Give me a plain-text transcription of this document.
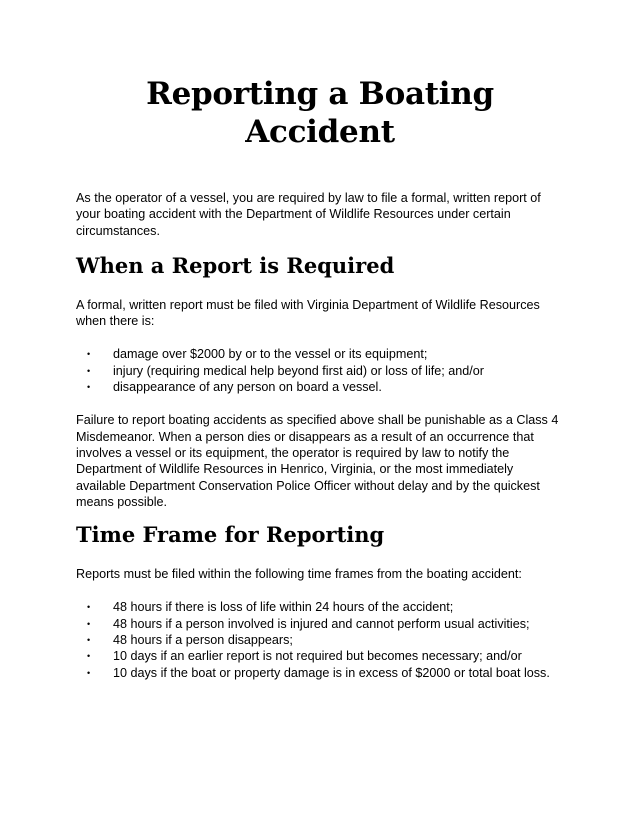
Reporting a Boating Accident

As the operator of a vessel, you are required by law to file a formal, written report of your boating accident with the Department of Wildlife Resources under certain circumstances.

When a Report is Required

A formal, written report must be filed with Virginia Department of Wildlife Resources when there is:

• damage over $2000 by or to the vessel or its equipment;
• injury (requiring medical help beyond first aid) or loss of life; and/or
• disappearance of any person on board a vessel.

Failure to report boating accidents as specified above shall be punishable as a Class 4 Misdemeanor. When a person dies or disappears as a result of an occurrence that involves a vessel or its equipment, the operator is required by law to notify the Department of Wildlife Resources in Henrico, Virginia, or the most immediately available Department Conservation Police Officer without delay and by the quickest means possible.

Time Frame for Reporting

Reports must be filed within the following time frames from the boating accident:

• 48 hours if there is loss of life within 24 hours of the accident;
• 48 hours if a person involved is injured and cannot perform usual activities;
• 48 hours if a person disappears;
• 10 days if an earlier report is not required but becomes necessary; and/or
• 10 days if the boat or property damage is in excess of $2000 or total boat loss.
